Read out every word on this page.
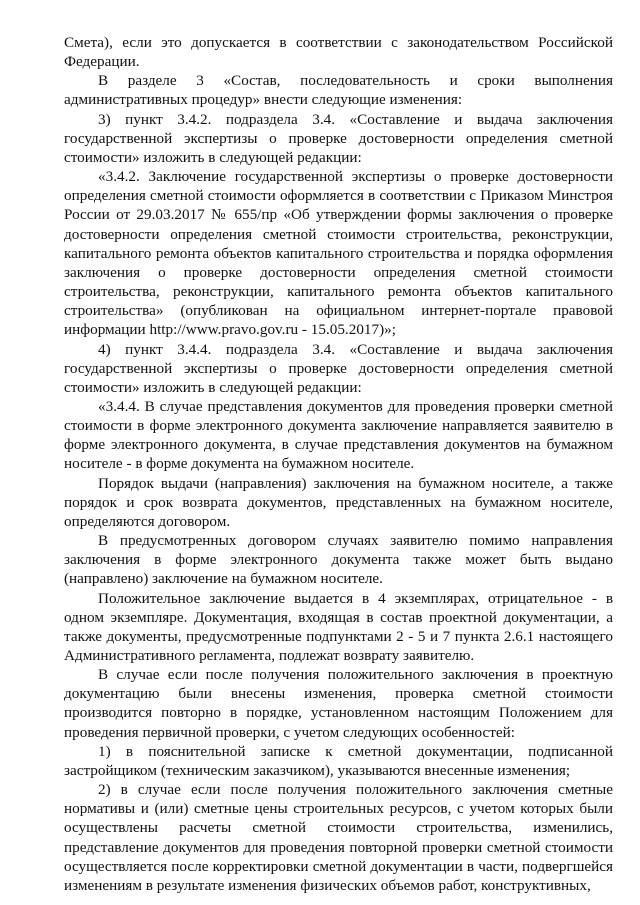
Смета), если это допускается в соответствии с законодательством Российской Федерации.

В разделе 3 «Состав, последовательность и сроки выполнения административных процедур» внести следующие изменения:

3) пункт 3.4.2. подраздела 3.4. «Составление и выдача заключения государственной экспертизы о проверке достоверности определения сметной стоимости» изложить в следующей редакции:

«3.4.2. Заключение государственной экспертизы о проверке достоверности определения сметной стоимости оформляется в соответствии с Приказом Минстроя России от 29.03.2017 № 655/пр «Об утверждении формы заключения о проверке достоверности определения сметной стоимости строительства, реконструкции, капитального ремонта объектов капитального строительства и порядка оформления заключения о проверке достоверности определения сметной стоимости строительства, реконструкции, капитального ремонта объектов капитального строительства» (опубликован на официальном интернет-портале правовой информации http://www.pravo.gov.ru - 15.05.2017)»;

4) пункт 3.4.4. подраздела 3.4. «Составление и выдача заключения государственной экспертизы о проверке достоверности определения сметной стоимости» изложить в следующей редакции:

«3.4.4. В случае представления документов для проведения проверки сметной стоимости в форме электронного документа заключение направляется заявителю в форме электронного документа, в случае представления документов на бумажном носителе - в форме документа на бумажном носителе.

Порядок выдачи (направления) заключения на бумажном носителе, а также порядок и срок возврата документов, представленных на бумажном носителе, определяются договором.

В предусмотренных договором случаях заявителю помимо направления заключения в форме электронного документа также может быть выдано (направлено) заключение на бумажном носителе.

Положительное заключение выдается в 4 экземплярах, отрицательное - в одном экземпляре. Документация, входящая в состав проектной документации, а также документы, предусмотренные подпунктами 2 - 5 и 7 пункта 2.6.1 настоящего Административного регламента, подлежат возврату заявителю.

В случае если после получения положительного заключения в проектную документацию были внесены изменения, проверка сметной стоимости производится повторно в порядке, установленном настоящим Положением для проведения первичной проверки, с учетом следующих особенностей:

1) в пояснительной записке к сметной документации, подписанной застройщиком (техническим заказчиком), указываются внесенные изменения;

2) в случае если после получения положительного заключения сметные нормативы и (или) сметные цены строительных ресурсов, с учетом которых были осуществлены расчеты сметной стоимости строительства, изменились, представление документов для проведения повторной проверки сметной стоимости осуществляется после корректировки сметной документации в части, подвергшейся изменениям в результате изменения физических объемов работ, конструктивных,
